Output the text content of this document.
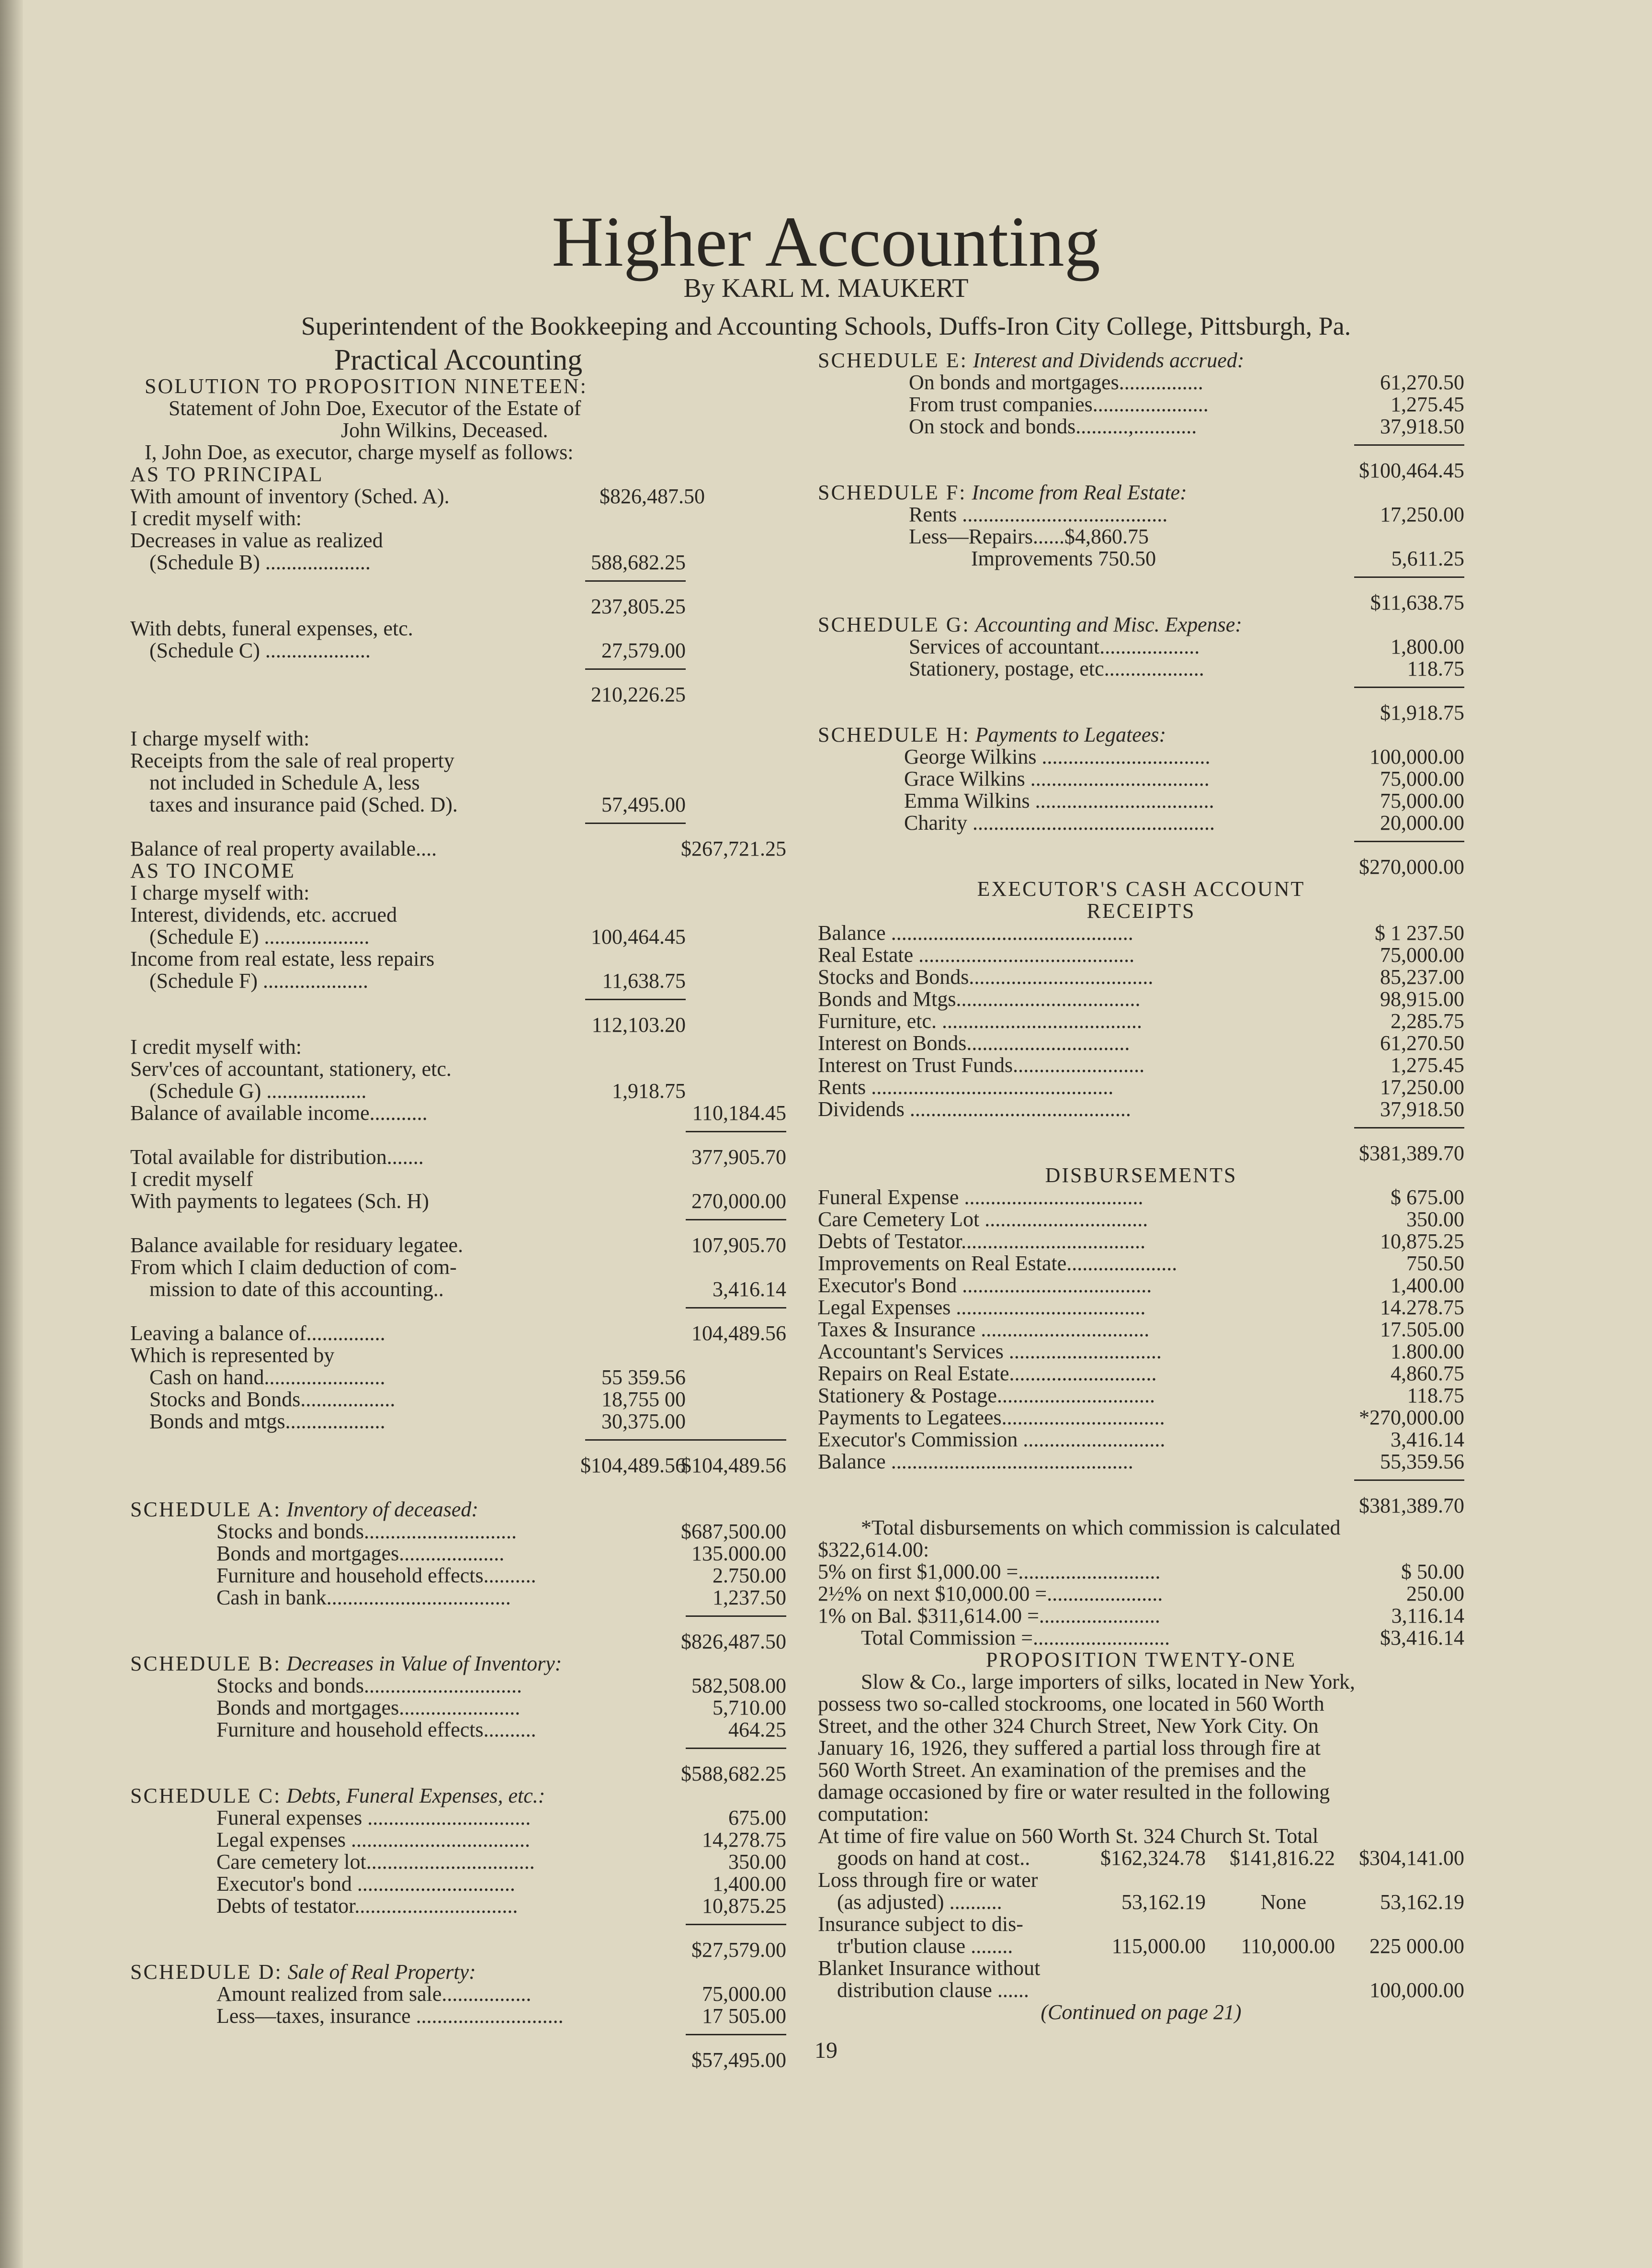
Higher Accounting
By KARL M. MAUKERT
Superintendent of the Bookkeeping and Accounting Schools, Duffs-Iron City College, Pittsburgh, Pa.
Practical Accounting
SOLUTION TO PROPOSITION NINETEEN:
Statement of John Doe, Executor of the Estate of
John Wilkins, Deceased.
I, John Doe, as executor, charge myself as follows:
AS TO PRINCIPAL
With amount of inventory (Sched. A).	$826,487.50
I credit myself with:
Decreases in value as realized
(Schedule B) ....................	588,682.25
237,805.25
With debts, funeral expenses, etc.
(Schedule C) ....................	27,579.00
210,226.25
I charge myself with:
Receipts from the sale of real property
not included in Schedule A, less
taxes and insurance paid (Sched. D).	57,495.00
Balance of real property available....	$267,721.25
AS TO INCOME
I charge myself with:
Interest, dividends, etc. accrued
(Schedule E) ....................	100,464.45
Income from real estate, less repairs
(Schedule F) ....................	11,638.75
112,103.20
I credit myself with:
Serv'ces of accountant, stationery, etc.
(Schedule G) ...................	1,918.75
Balance of available income...........	110,184.45
Total available for distribution.......	377,905.70
I credit myself
With payments to legatees (Sch. H)	270,000.00
Balance available for residuary legatee.	107,905.70
From which I claim deduction of com-
mission to date of this accounting..	3,416.14
Leaving a balance of...............	104,489.56
Which is represented by
Cash on hand.......................	55 359.56
Stocks and Bonds..................	18,755 00
Bonds and mtgs...................	30,375.00
$104,489.56
$104,489.56
SCHEDULE A: Inventory of deceased:
Stocks and bonds.............................	$687,500.00
Bonds and mortgages....................	135.000.00
Furniture and household effects..........	2.750.00
Cash in bank...................................	1,237.50
$826,487.50
SCHEDULE B: Decreases in Value of Inventory:
Stocks and bonds..............................	582,508.00
Bonds and mortgages.......................	5,710.00
Furniture and household effects..........	464.25
$588,682.25
SCHEDULE C: Debts, Funeral Expenses, etc.:
Funeral expenses ...............................	675.00
Legal expenses ..................................	14,278.75
Care cemetery lot................................	350.00
Executor's bond ..............................	1,400.00
Debts of testator...............................	10,875.25
$27,579.00
SCHEDULE D: Sale of Real Property:
Amount realized from sale.................	75,000.00
Less—taxes, insurance ............................	17 505.00
$57,495.00
SCHEDULE E: Interest and Dividends accrued:
On bonds and mortgages................	61,270.50
From trust companies......................	1,275.45
On stock and bonds..........,............	37,918.50
$100,464.45
SCHEDULE F: Income from Real Estate:
Rents .......................................	17,250.00
Less—Repairs......$4,860.75
Improvements 750.50	5,611.25
$11,638.75
SCHEDULE G: Accounting and Misc. Expense:
Services of accountant...................	1,800.00
Stationery, postage, etc...................	118.75
$1,918.75
SCHEDULE H: Payments to Legatees:
George Wilkins ................................	100,000.00
Grace Wilkins ..................................	75,000.00
Emma Wilkins ..................................	75,000.00
Charity ..............................................	20,000.00
$270,000.00
EXECUTOR'S CASH ACCOUNT
RECEIPTS
Balance ..............................................	$ 1 237.50
Real Estate .........................................	75,000.00
Stocks and Bonds...................................	85,237.00
Bonds and Mtgs...................................	98,915.00
Furniture, etc. ......................................	2,285.75
Interest on Bonds...............................	61,270.50
Interest on Trust Funds.........................	1,275.45
Rents ..............................................	17,250.00
Dividends ..........................................	37,918.50
$381,389.70
DISBURSEMENTS
Funeral Expense ..................................	$ 675.00
Care Cemetery Lot ...............................	350.00
Debts of Testator...................................	10,875.25
Improvements on Real Estate.....................	750.50
Executor's Bond ....................................	1,400.00
Legal Expenses ....................................	14.278.75
Taxes & Insurance ................................	17.505.00
Accountant's Services .............................	1.800.00
Repairs on Real Estate............................	4,860.75
Stationery & Postage..............................	118.75
Payments to Legatees...............................	*270,000.00
Executor's Commission ...........................	3,416.14
Balance ..............................................	55,359.56
$381,389.70
*Total disbursements on which commission is calculated
$322,614.00:
5% on first $1,000.00 =...........................	$ 50.00
2½% on next $10,000.00 =......................	250.00
1% on Bal. $311,614.00 =.......................	3,116.14
Total Commission =..........................	$3,416.14
PROPOSITION TWENTY-ONE
Slow & Co., large importers of silks, located in New York,
possess two so-called stockrooms, one located in 560 Worth
Street, and the other 324 Church Street, New York City. On
January 16, 1926, they suffered a partial loss through fire at
560 Worth Street. An examination of the premises and the
damage occasioned by fire or water resulted in the following
computation:
At time of fire value on 560 Worth St. 324 Church St. Total
goods on hand at cost..	$162,324.78 $141,816.22 $304,141.00
Loss through fire or water
(as adjusted) ..........	53,162.19	None	53,162.19
Insurance subject to dis-
tr'bution clause ........	115,000.00 110,000.00 225 000.00
Blanket Insurance without
distribution clause ......	100,000.00
(Continued on page 21)
19
